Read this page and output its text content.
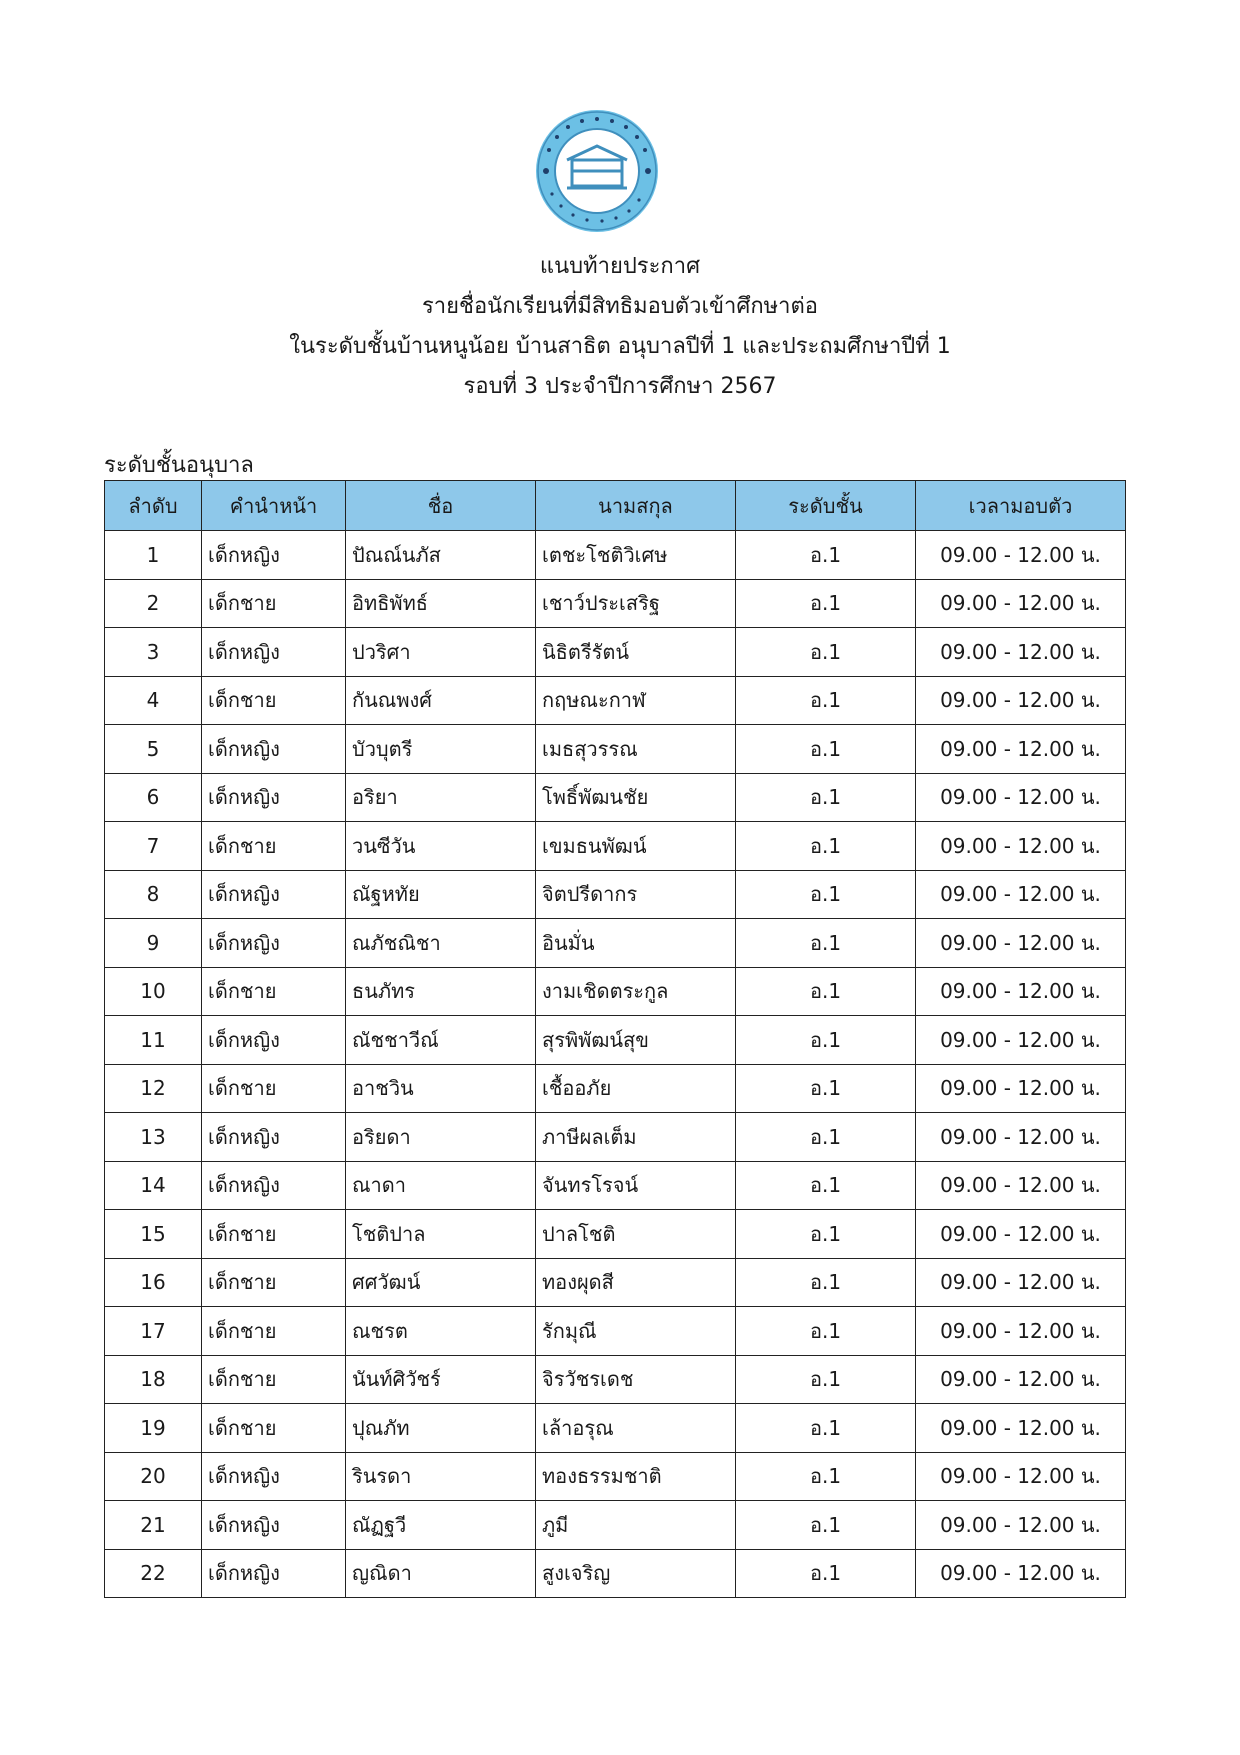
แนบท้ายประกาศ
รายชื่อนักเรียนที่มีสิทธิมอบตัวเข้าศึกษาต่อ
ในระดับชั้นบ้านหนูน้อย บ้านสาธิต อนุบาลปีที่ 1 และประถมศึกษาปีที่ 1
รอบที่ 3 ประจำปีการศึกษา 2567
ระดับชั้นอนุบาล
ลำดับ	คำนำหน้า	ชื่อ	นามสกุล	ระดับชั้น	เวลามอบตัว
1	เด็กหญิง	ปัณณ์นภัส	เตชะโชติวิเศษ	อ.1	09.00 - 12.00 น.
2	เด็กชาย	อิทธิพัทธ์	เชาว์ประเสริฐ	อ.1	09.00 - 12.00 น.
3	เด็กหญิง	ปวริศา	นิธิตรีรัตน์	อ.1	09.00 - 12.00 น.
4	เด็กชาย	กันณพงศ์	กฤษณะกาฬ	อ.1	09.00 - 12.00 น.
5	เด็กหญิง	บัวบุตรี	เมธสุวรรณ	อ.1	09.00 - 12.00 น.
6	เด็กหญิง	อริยา	โพธิ์พัฒนชัย	อ.1	09.00 - 12.00 น.
7	เด็กชาย	วนซีวัน	เขมธนพัฒน์	อ.1	09.00 - 12.00 น.
8	เด็กหญิง	ณัฐหทัย	จิตปรีดากร	อ.1	09.00 - 12.00 น.
9	เด็กหญิง	ณภัชณิชา	อินมั่น	อ.1	09.00 - 12.00 น.
10	เด็กชาย	ธนภัทร	งามเชิดตระกูล	อ.1	09.00 - 12.00 น.
11	เด็กหญิง	ณัชชาวีณ์	สุรพิพัฒน์สุข	อ.1	09.00 - 12.00 น.
12	เด็กชาย	อาชวิน	เชื้ออภัย	อ.1	09.00 - 12.00 น.
13	เด็กหญิง	อริยดา	ภาษีผลเต็ม	อ.1	09.00 - 12.00 น.
14	เด็กหญิง	ณาดา	จันทรโรจน์	อ.1	09.00 - 12.00 น.
15	เด็กชาย	โชติปาล	ปาลโชติ	อ.1	09.00 - 12.00 น.
16	เด็กชาย	ศศวัฒน์	ทองผุดสี	อ.1	09.00 - 12.00 น.
17	เด็กชาย	ณชรต	รักมุณี	อ.1	09.00 - 12.00 น.
18	เด็กชาย	นันท์ศิวัชร์	จิรวัชรเดช	อ.1	09.00 - 12.00 น.
19	เด็กชาย	ปุณภัท	เล้าอรุณ	อ.1	09.00 - 12.00 น.
20	เด็กหญิง	รินรดา	ทองธรรมชาติ	อ.1	09.00 - 12.00 น.
21	เด็กหญิง	ณัฏฐวี	ภูมี	อ.1	09.00 - 12.00 น.
22	เด็กหญิง	ญณิดา	สูงเจริญ	อ.1	09.00 - 12.00 น.
